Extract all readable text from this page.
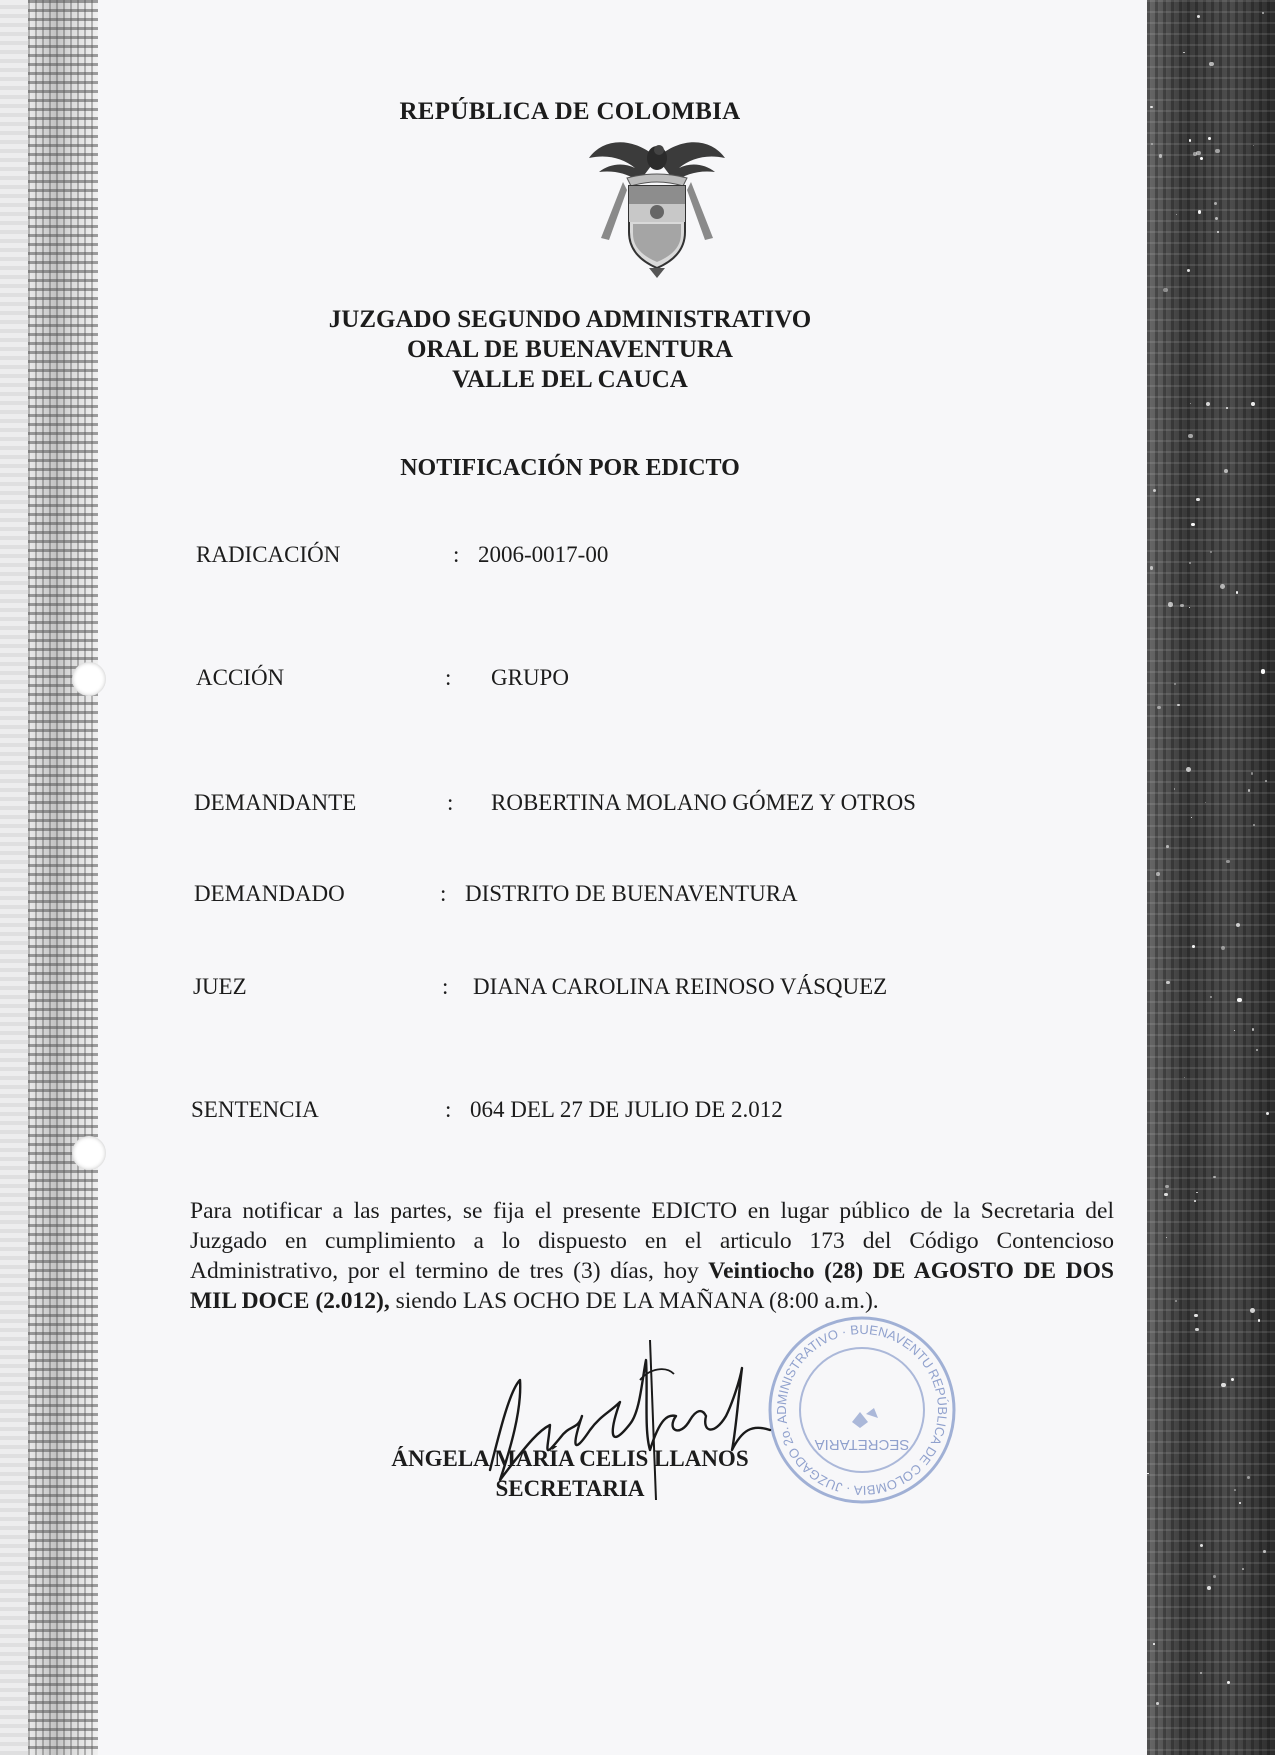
REPÚBLICA DE COLOMBIA
JUZGADO SEGUNDO ADMINISTRATIVO
ORAL DE BUENAVENTURA
VALLE DEL CAUCA
NOTIFICACIÓN POR EDICTO
RADICACIÓN	: 2006-0017-00
ACCIÓN	: GRUPO
DEMANDANTE	: ROBERTINA MOLANO GÓMEZ Y OTROS
DEMANDADO	: DISTRITO DE BUENAVENTURA
JUEZ	: DIANA CAROLINA REINOSO VÁSQUEZ
SENTENCIA	: 064 DEL 27 DE JULIO DE 2.012
Para notificar a las partes, se fija el presente EDICTO en lugar público de la Secretaria del Juzgado en cumplimiento a lo dispuesto en el articulo 173 del Código Contencioso Administrativo, por el termino de tres (3) días, hoy Veintiocho (28) DE AGOSTO DE DOS MIL DOCE (2.012), siendo LAS OCHO DE LA MAÑANA (8:00 a.m.).
REPÚBLICA DE COLOMBIA · JUZGADO 2o. ADMINISTRATIVO · BUENAVENTURA
SECRETARIA
ÁNGELA MARÍA CELIS LLANOS
SECRETARIA
